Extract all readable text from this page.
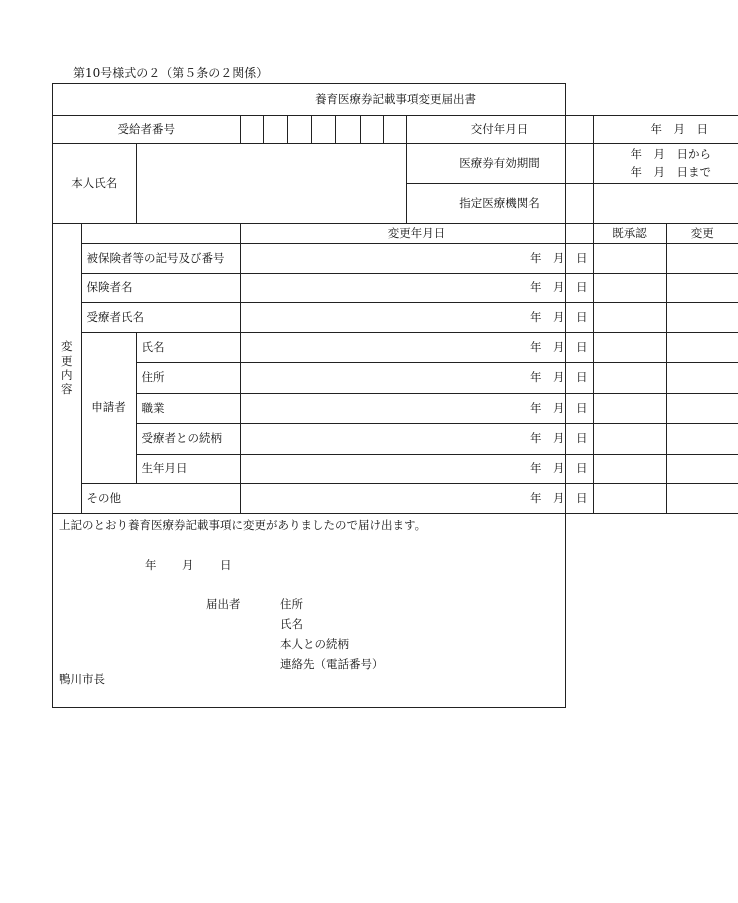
第10号様式の２（第５条の２関係）
養育医療券記載事項変更届出書												
受給者番号										交付年月日	年　月　日	
本人氏名										医療券有効期間	年　月　日から
年　月　日まで	

										指定医療機関名		

変
更
内
容			変更年月日								既承認	変更
	被保険者等の記号及び番号		年　月　日									
	保険者名		年　月　日									
	受療者氏名		年　月　日									
	申請者	氏名	年　月　日									
		住所	年　月　日									
		職業	年　月　日									
		受療者との続柄	年　月　日									
		生年月日	年　月　日									
	その他		年　月　日									
上記のとおり養育医療券記載事項に変更がありましたので届け出ます。
年 月 日
届出者	住所
氏名
本人との続柄
連絡先（電話番号）
鴨川市長
